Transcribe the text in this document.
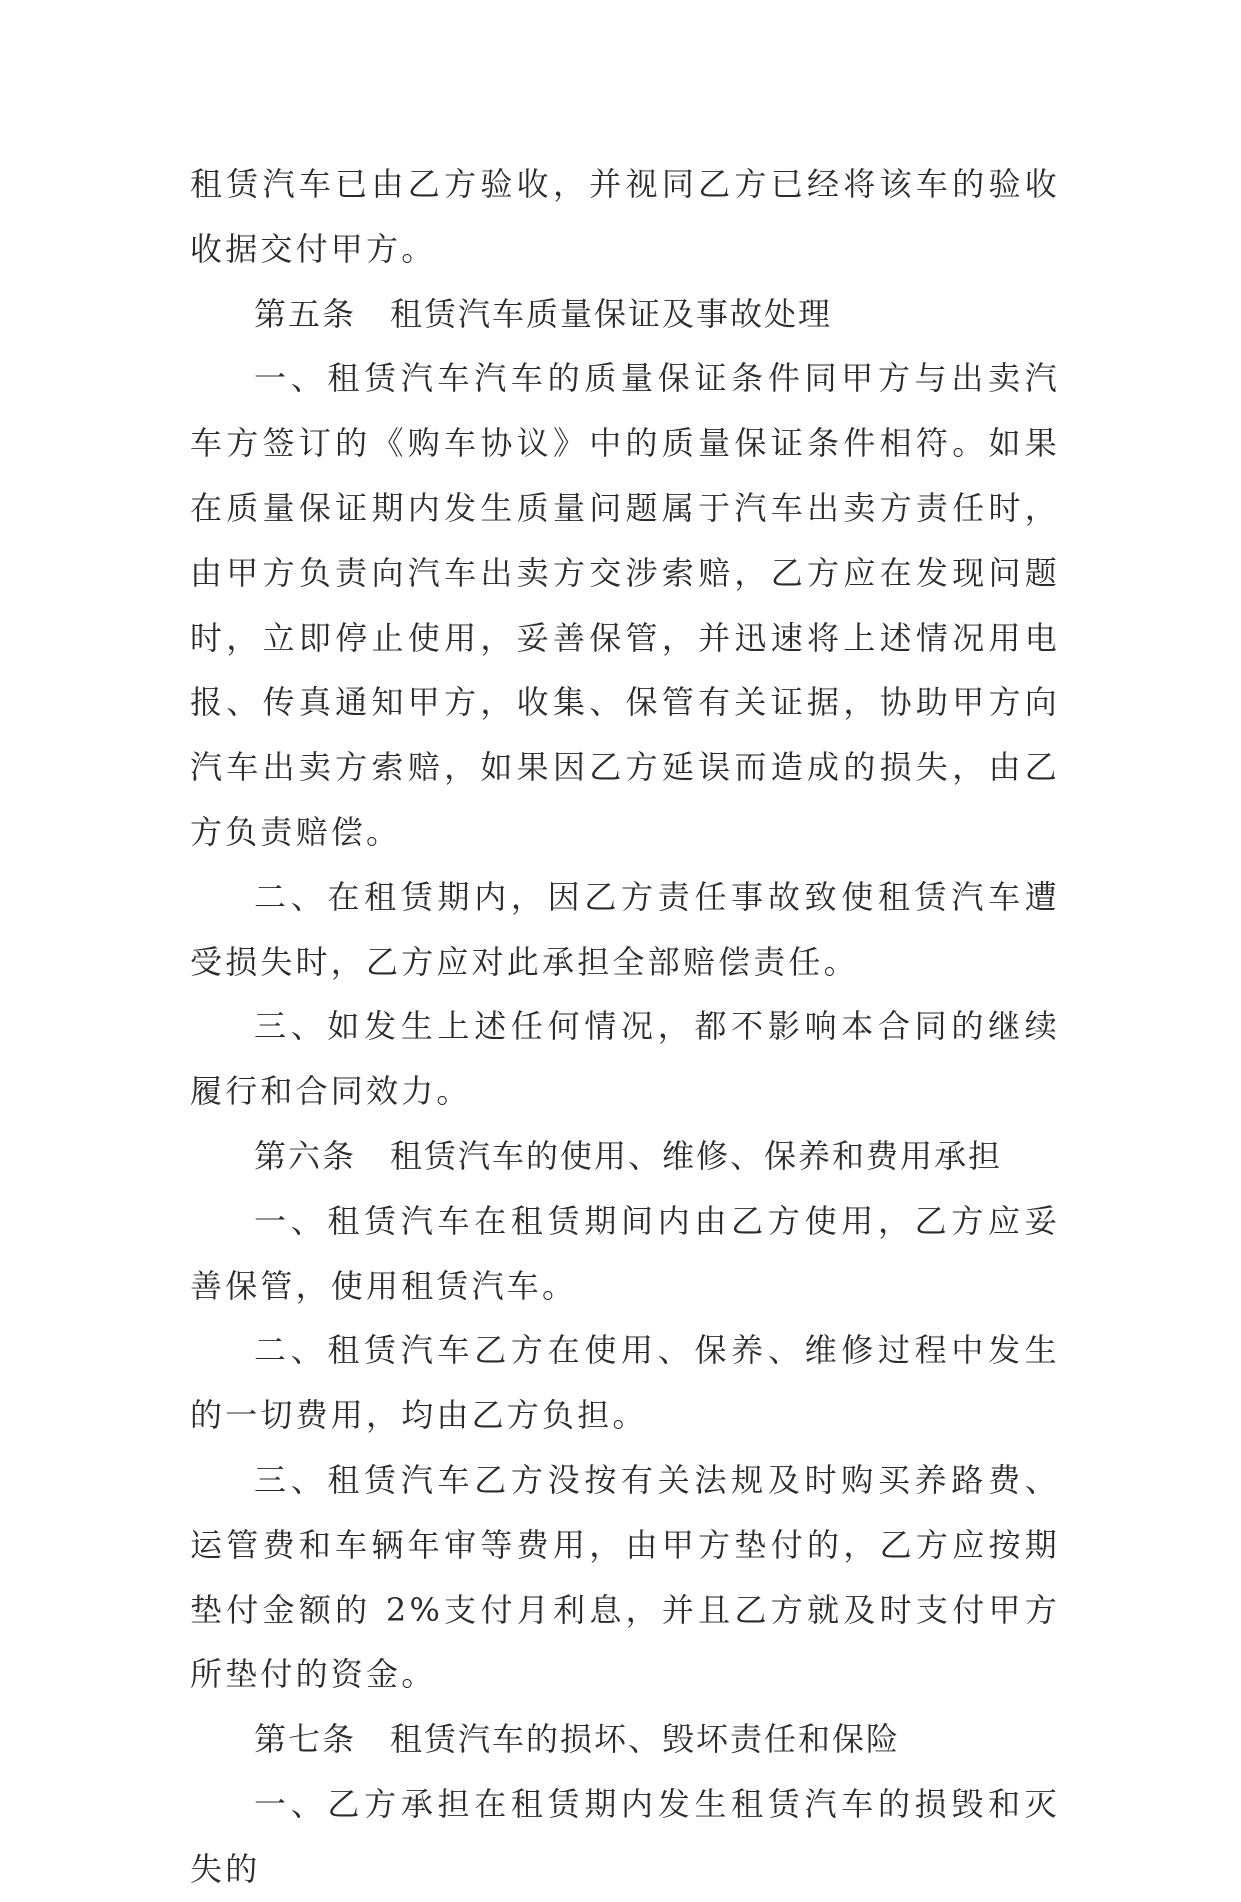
租赁汽车已由乙方验收，并视同乙方已经将该车的验收收据交付甲方。

第五条　租赁汽车质量保证及事故处理

一、租赁汽车汽车的质量保证条件同甲方与出卖汽车方签订的《购车协议》中的质量保证条件相符。如果在质量保证期内发生质量问题属于汽车出卖方责任时，由甲方负责向汽车出卖方交涉索赔，乙方应在发现问题时，立即停止使用，妥善保管，并迅速将上述情况用电报、传真通知甲方，收集、保管有关证据，协助甲方向汽车出卖方索赔，如果因乙方延误而造成的损失，由乙方负责赔偿。

二、在租赁期内，因乙方责任事故致使租赁汽车遭受损失时，乙方应对此承担全部赔偿责任。

三、如发生上述任何情况，都不影响本合同的继续履行和合同效力。

第六条　租赁汽车的使用、维修、保养和费用承担

一、租赁汽车在租赁期间内由乙方使用，乙方应妥善保管，使用租赁汽车。

二、租赁汽车乙方在使用、保养、维修过程中发生的一切费用，均由乙方负担。

三、租赁汽车乙方没按有关法规及时购买养路费、运管费和车辆年审等费用，由甲方垫付的，乙方应按期垫付金额的 2%支付月利息，并且乙方就及时支付甲方所垫付的资金。

第七条　租赁汽车的损坏、毁坏责任和保险

一、乙方承担在租赁期内发生租赁汽车的损毁和灭失的
